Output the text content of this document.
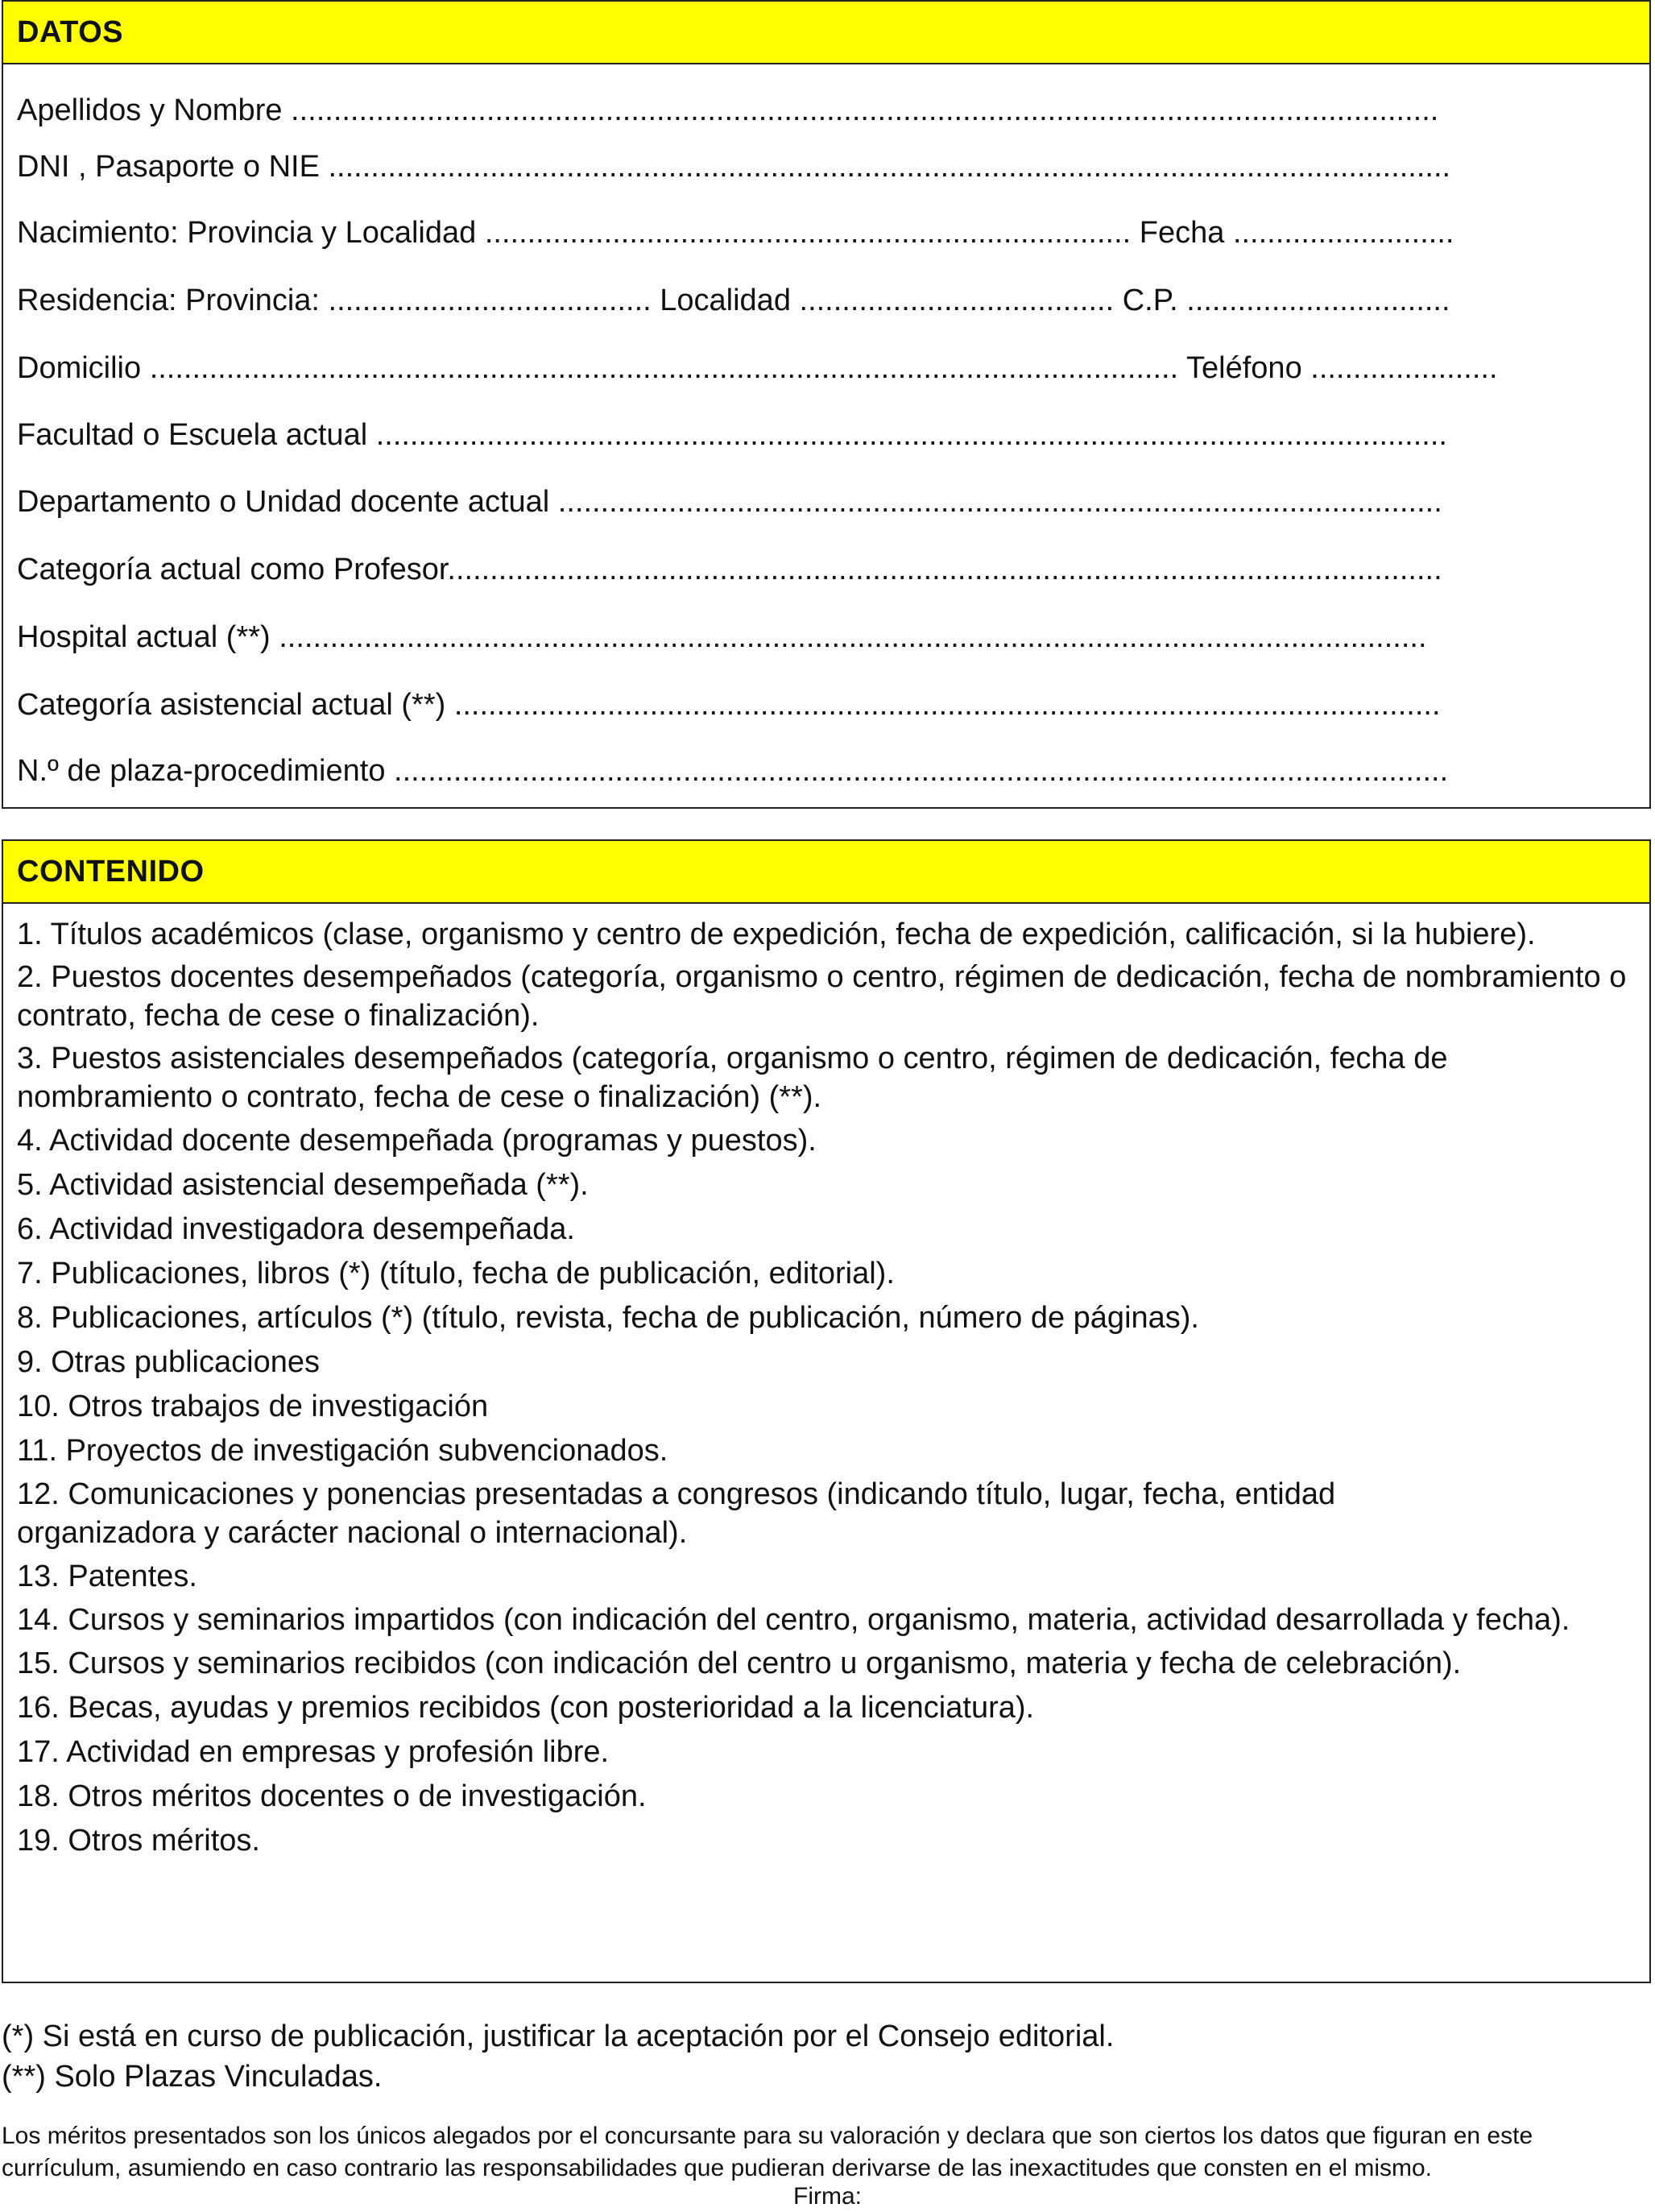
DATOS
Apellidos y Nombre .......................................................................................................................................
DNI , Pasaporte o NIE ....................................................................................................................................
Nacimiento: Provincia y Localidad ............................................................................ Fecha ..........................
Residencia: Provincia: ...................................... Localidad ..................................... C.P. ...............................
Domicilio ......................................................................................................................... Teléfono ......................
Facultad o Escuela actual ..............................................................................................................................
Departamento o Unidad docente actual ........................................................................................................
Categoría actual como Profesor.....................................................................................................................
Hospital actual (**) .......................................................................................................................................
Categoría asistencial actual (**) ....................................................................................................................
N.º de plaza-procedimiento ............................................................................................................................
CONTENIDO
1. Títulos académicos (clase, organismo y centro de expedición, fecha de expedición, calificación, si la hubiere).
2. Puestos docentes desempeñados (categoría, organismo o centro, régimen de dedicación, fecha de nombramiento o contrato, fecha de cese o finalización).
3. Puestos asistenciales desempeñados (categoría, organismo o centro, régimen de dedicación, fecha de nombramiento o contrato, fecha de cese o finalización) (**).
4. Actividad docente desempeñada (programas y puestos).
5. Actividad asistencial desempeñada (**).
6. Actividad investigadora desempeñada.
7. Publicaciones, libros (*) (título, fecha de publicación, editorial).
8. Publicaciones, artículos (*) (título, revista, fecha de publicación, número de páginas).
9. Otras publicaciones
10. Otros trabajos de investigación
11. Proyectos de investigación subvencionados.
12. Comunicaciones y ponencias presentadas a congresos (indicando título, lugar, fecha, entidad organizadora y carácter nacional o internacional).
13. Patentes.
14. Cursos y seminarios impartidos (con indicación del centro, organismo, materia, actividad desarrollada y fecha).
15. Cursos y seminarios recibidos (con indicación del centro u organismo, materia y fecha de celebración).
16. Becas, ayudas y premios recibidos (con posterioridad a la licenciatura).
17. Actividad en empresas y profesión libre.
18. Otros méritos docentes o de investigación.
19. Otros méritos.
(*) Si está en curso de publicación, justificar la aceptación por el Consejo editorial.
(**) Solo Plazas Vinculadas.
Los méritos presentados son los únicos alegados por el concursante para su valoración y declara que son ciertos los datos que figuran en este currículum, asumiendo en caso contrario las responsabilidades que pudieran derivarse de las inexactitudes que consten en el mismo.
Firma:
